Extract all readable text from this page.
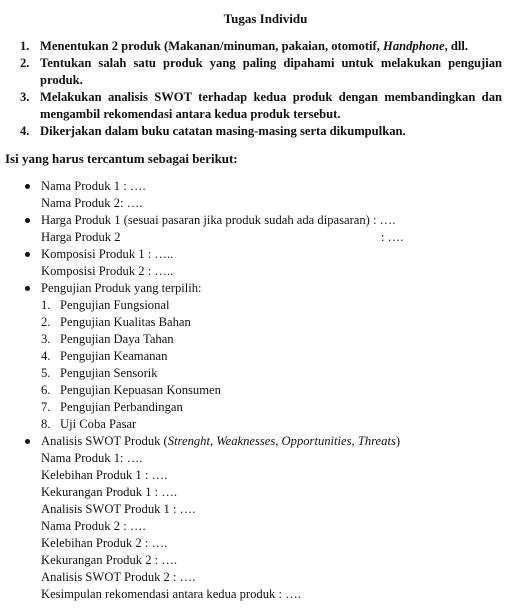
Tugas Individu
1. Menentukan 2 produk (Makanan/minuman, pakaian, otomotif, Handphone, dll.
2. Tentukan salah satu produk yang paling dipahami untuk melakukan pengujian produk.
3. Melakukan analisis SWOT terhadap kedua produk dengan membandingkan dan mengambil rekomendasi antara kedua produk tersebut.
4. Dikerjakan dalam buku catatan masing-masing serta dikumpulkan.
Isi yang harus tercantum sebagai berikut:
Nama Produk 1 : ….
Nama Produk 2: ….
Harga Produk 1 (sesuai pasaran jika produk sudah ada dipasaran) : ….
Harga Produk 2	: ….
Komposisi Produk 1 : …..
Komposisi Produk 2 : …..
Pengujian Produk yang terpilih:
1. Pengujian Fungsional
2. Pengujian Kualitas Bahan
3. Pengujian Daya Tahan
4. Pengujian Keamanan
5. Pengujian Sensorik
6. Pengujian Kepuasan Konsumen
7. Pengujian Perbandingan
8. Uji Coba Pasar
Analisis SWOT Produk (Strenght, Weaknesses, Opportunities, Threats)
Nama Produk 1: ….
Kelebihan Produk 1 : ….
Kekurangan Produk 1 : ….
Analisis SWOT Produk 1 : ….
Nama Produk 2 : ….
Kelebihan Produk 2 : ….
Kekurangan Produk 2 : ….
Analisis SWOT Produk 2 : ….
Kesimpulan rekomendasi antara kedua produk : ….
